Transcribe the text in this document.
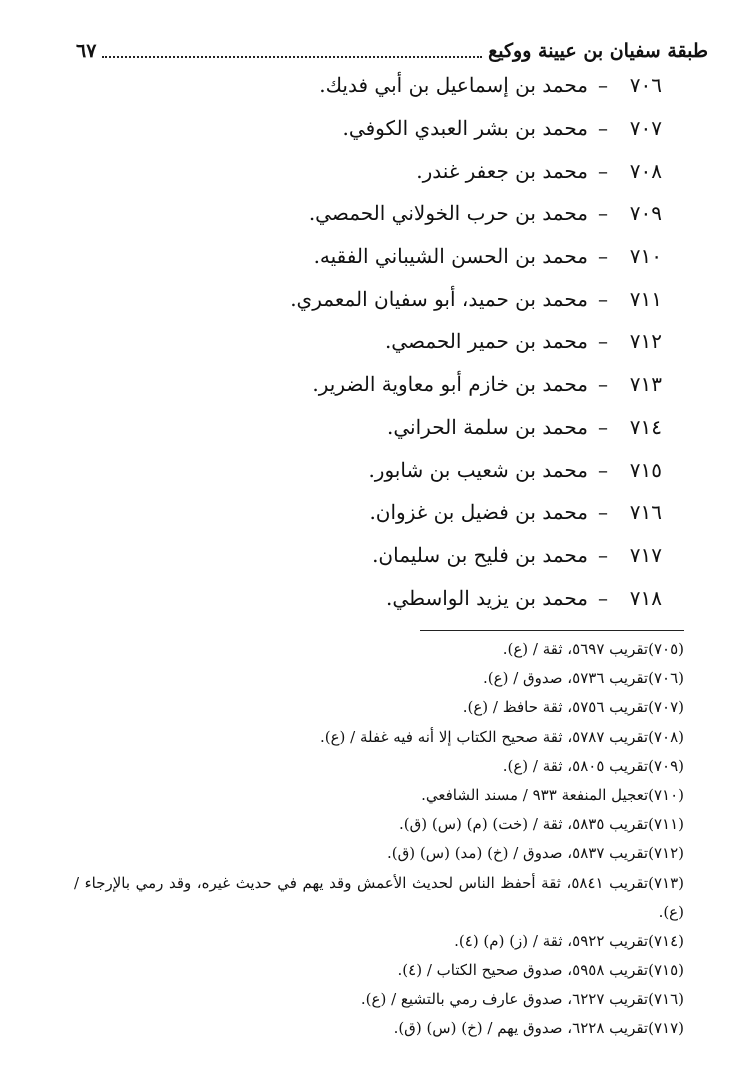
طبقة سفيان بن عيينة ووكيع
٦٧
٧٠٦
–
محمد بن إسماعيل بن أبي فديك.
٧٠٧
–
محمد بن بشر العبدي الكوفي.
٧٠٨
–
محمد بن جعفر غندر.
٧٠٩
–
محمد بن حرب الخولاني الحمصي.
٧١٠
–
محمد بن الحسن الشيباني الفقيه.
٧١١
–
محمد بن حميد، أبو سفيان المعمري.
٧١٢
–
محمد بن حمير الحمصي.
٧١٣
–
محمد بن خازم أبو معاوية الضرير.
٧١٤
–
محمد بن سلمة الحراني.
٧١٥
–
محمد بن شعيب بن شابور.
٧١٦
–
محمد بن فضيل بن غزوان.
٧١٧
–
محمد بن فليح بن سليمان.
٧١٨
–
محمد بن يزيد الواسطي.
(٧٠٥)تقريب ٥٦٩٧، ثقة / (ع).
(٧٠٦)تقريب ٥٧٣٦، صدوق / (ع).
(٧٠٧)تقريب ٥٧٥٦، ثقة حافظ / (ع).
(٧٠٨)تقريب ٥٧٨٧، ثقة صحيح الكتاب إلا أنه فيه غفلة / (ع).
(٧٠٩)تقريب ٥٨٠٥، ثقة / (ع).
(٧١٠)تعجيل المنفعة ٩٣٣ / مسند الشافعي.
(٧١١)تقريب ٥٨٣٥، ثقة / (خت) (م) (س) (ق).
(٧١٢)تقريب ٥٨٣٧، صدوق / (خ) (مد) (س) (ق).
(٧١٣)تقريب ٥٨٤١، ثقة أحفظ الناس لحديث الأعمش وقد يهم في حديث غيره، وقد رمي بالإرجاء / (ع).
(٧١٤)تقريب ٥٩٢٢، ثقة / (ز) (م) (٤).
(٧١٥)تقريب ٥٩٥٨، صدوق صحيح الكتاب / (٤).
(٧١٦)تقريب ٦٢٢٧، صدوق عارف رمي بالتشيع / (ع).
(٧١٧)تقريب ٦٢٢٨، صدوق يهم / (خ) (س) (ق).
